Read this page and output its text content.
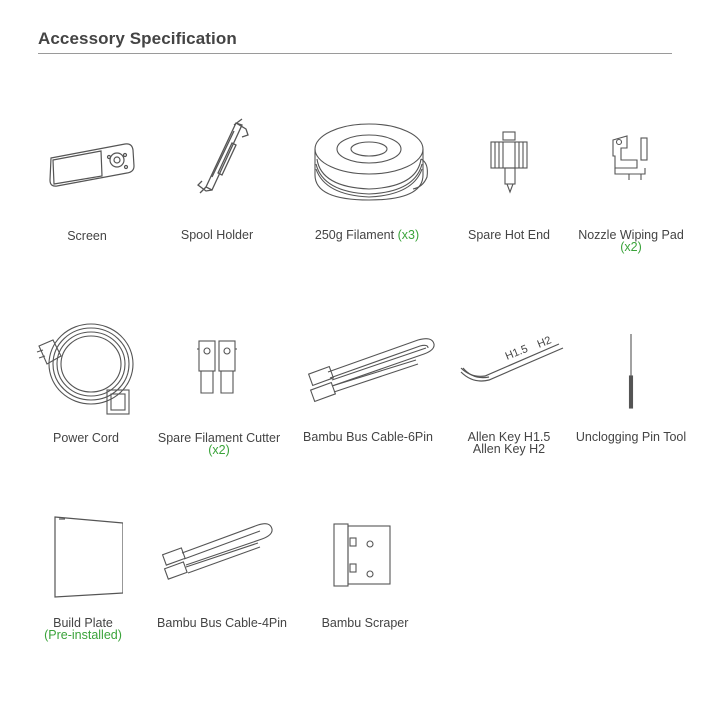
Accessory Specification
Screen	Spool Holder	250g Filament (x3)	Spare Hot End	Nozzle Wiping Pad
(x2)
Power Cord	Spare Filament Cutter
(x2)
Bambu Bus Cable-6Pin
H1.5
H2
Allen Key H1.5
Allen Key H2
Unclogging Pin Tool
Build Plate
(Pre-installed)
Bambu Bus Cable-4Pin	Bambu Scraper
